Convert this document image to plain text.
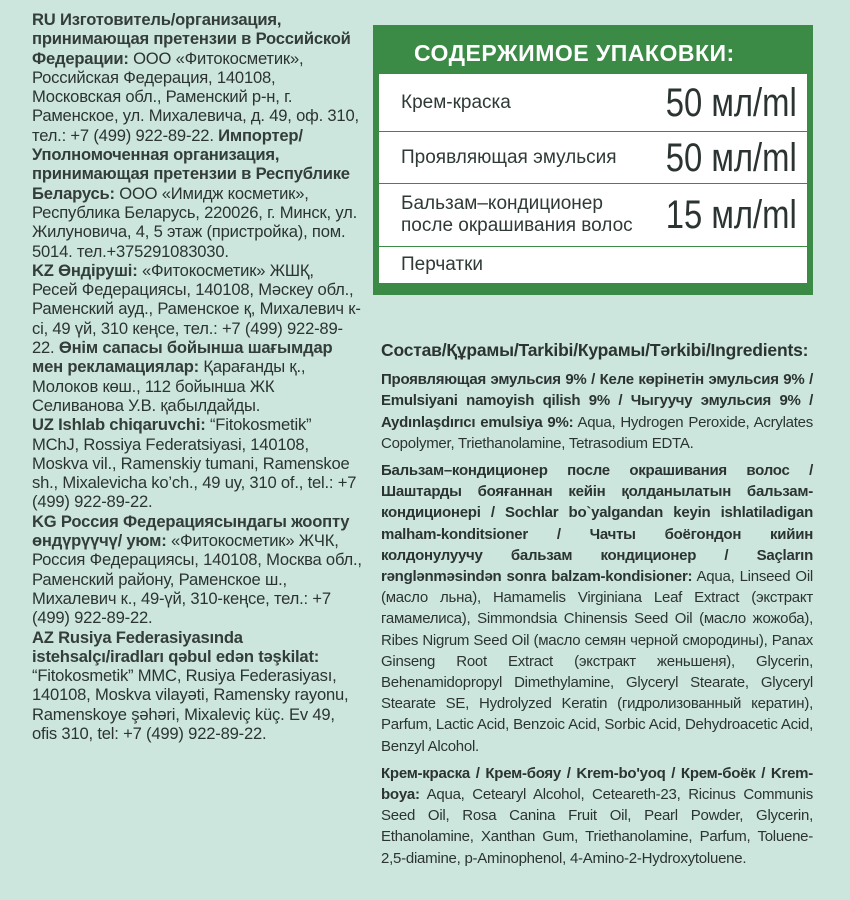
RU Изготовитель/организация, принимающая претензии в Российской Федерации: ООО «Фитокосметик», Российская Федерация, 140108, Московская обл., Раменский р-н, г. Раменское, ул. Михалевича, д. 49, оф. 310, тел.: +7 (499) 922-89-22. Импортер/ Уполномоченная организация, принимающая претензии в Республике Беларусь: ООО «Имидж косметик», Республика Беларусь, 220026, г. Минск, ул. Жилуновича, 4, 5 этаж (пристройка), пом. 5014. тел.+375291083030.

KZ Өндіруші: «Фитокосметик» ЖШҚ, Ресей Федерациясы, 140108, Мәскеу обл., Раменский ауд., Раменское қ, Михалевич к-сі, 49 үй, 310 кеңсе, тел.: +7 (499) 922-89-22. Өнім сапасы бойынша шағымдар мен рекламациялар: Қарағанды қ., Молоков көш., 112 бойынша ЖК Селиванова У.В. қабылдайды.

UZ Ishlab chiqaruvchi: “Fitokosmetik” MChJ, Rossiya Federatsiyasi, 140108, Moskva vil., Ramenskiy tumani, Ramenskoe sh., Mixalevicha ko’ch., 49 uy, 310 of., tel.: +7 (499) 922-89-22.

KG Россия Федерациясындагы жоопту өндүрүүчү/ уюм: «Фитокосметик» ЖЧК, Россия Федерациясы, 140108, Москва обл., Раменский району, Раменское ш., Михалевич к., 49-үй, 310-кеңсе, тел.: +7 (499) 922-89-22.

AZ Rusiya Federasiyasında istehsalçı/iradları qəbul edən təşkilat: “Fitokosmetik” MMC, Rusiya Federasiyası, 140108, Moskva vilayəti, Ramensky rayonu, Ramenskoye şəhəri, Mixaleviç küç. Ev 49, ofis 310, tel: +7 (499) 922-89-22.

СОДЕРЖИМОЕ УПАКОВКИ:
Крем-краска	50 мл/ml
Проявляющая эмульсия 50 мл/ml
Бальзам–кондиционер после окрашивания волос 15 мл/ml
Перчатки
Состав/Құрамы/Tarkibi/Курамы/Tərkibi/Ingredients:

Проявляющая эмульсия 9% / Келе көрінетін эмульсия 9% / Emulsiyani namoyish qilish 9% / Чыгуучу эмульсия 9% / Aydınlaşdırıcı emulsiya 9%: Aqua, Hydrogen Peroxide, Acrylates Copolymer, Triethanolamine, Tetrasodium EDTA.

Бальзам–кондиционер после окрашивания волос / Шаштарды бояғаннан кейін қолданылатын бальзам-кондиционері / Sochlar bo`yalgandan keyin ishlatiladigan malham-konditsioner / Чачты боёгондон кийин колдонулуучу бальзам кондиционер / Saçların rənglənməsindən sonra balzam-kondisioner: Aqua, Linseed Oil (масло льна), Hamamelis Virginiana Leaf Extract (экстракт гамамелиса), Simmondsia Chinensis Seed Oil (масло жожоба), Ribes Nigrum Seed Oil (масло семян черной смородины), Panax Ginseng Root Extract (экстракт женьшеня), Glycerin, Behenamidopropyl Dimethylamine, Glyceryl Stearate, Glyceryl Stearate SE, Hydrolyzed Keratin (гидролизованный кератин), Parfum, Lactic Acid, Benzoic Acid, Sorbic Acid, Dehydroacetic Acid, Benzyl Alcohol.

Крем-краска / Крем-бояу / Krem-bo'yoq / Крем-боёк / Krem-boya: Aqua, Cetearyl Alcohol, Ceteareth-23, Ricinus Communis Seed Oil, Rosa Canina Fruit Oil, Pearl Powder, Glycerin, Ethanolamine, Xanthan Gum, Triethanolamine, Parfum, Toluene-2,5-diamine, p-Aminophenol, 4-Amino-2-Hydroxytoluene.
